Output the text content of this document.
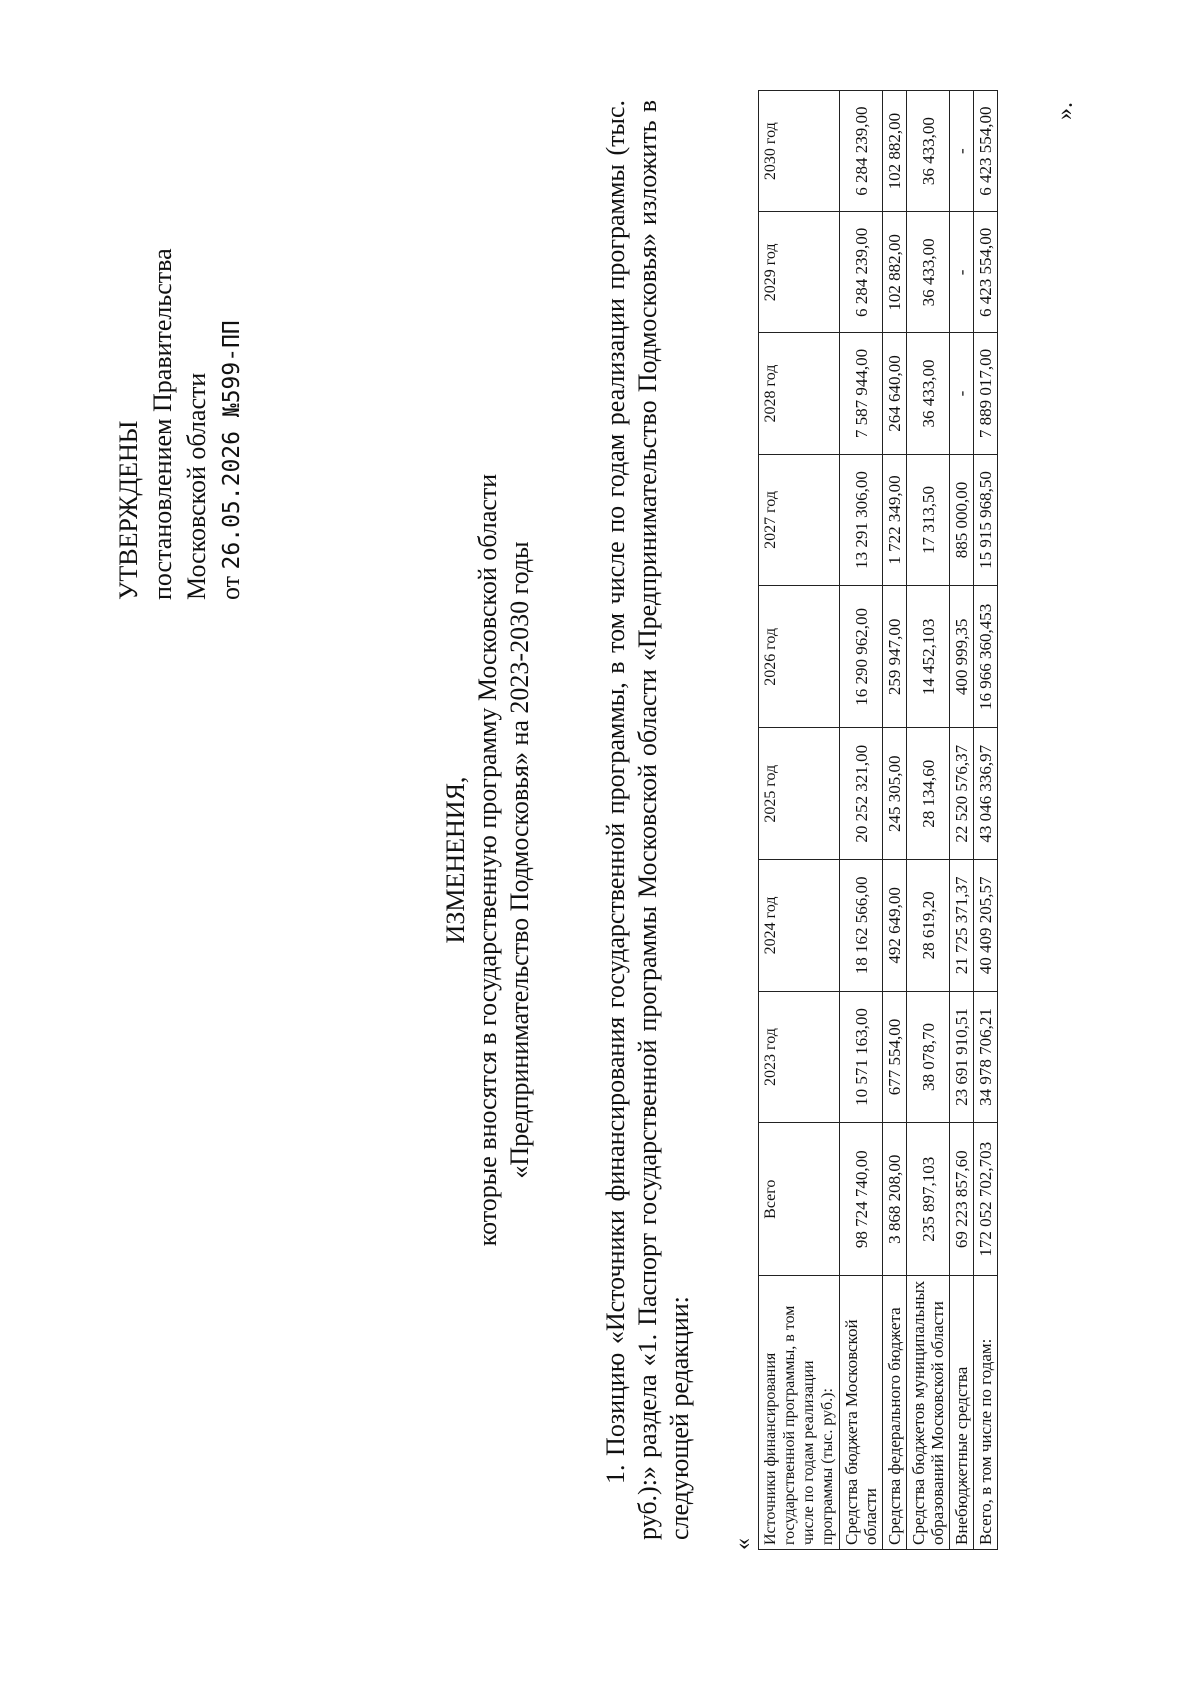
УТВЕРЖДЕНЫ постановлением Правительства Московской области от 26.05.2026 №599-ПП
ИЗМЕНЕНИЯ, которые вносятся в государственную программу Московской области «Предпринимательство Подмосковья» на 2023-2030 годы	1. Позицию «Источники финансирования государственной программы, в том числе по годам реализации программы (тыс. руб.):» раздела «1. Паспорт государственной программы Московской области «Предпринимательство Подмосковья» изложить в следующей редакции:
« Источники финансирования государственной программы, в том числе по годам реализации программы (тыс. руб.):	Всего	2023 год	2024 год	2025 год	2026 год	2027 год	2028 год	2029 год	2030 год
Средства бюджета Московской области	98 724 740,00	10 571 163,00	18 162 566,00	20 252 321,00	16 290 962,00	13 291 306,00	7 587 944,00	6 284 239,00	6 284 239,00
Средства федерального бюджета	3 868 208,00	677 554,00	492 649,00	245 305,00	259 947,00	1 722 349,00	264 640,00	102 882,00	102 882,00
Средства бюджетов муниципальных образований Московской области	235 897,103	38 078,70	28 619,20	28 134,60	14 452,103	17 313,50	36 433,00	36 433,00	36 433,00
Внебюджетные средства	69 223 857,60	23 691 910,51	21 725 371,37	22 520 576,37	400 999,35	885 000,00	-	-	-
Всего, в том числе по годам:	172 052 702,703	34 978 706,21	40 409 205,57	43 046 336,97	16 966 360,453	15 915 968,50	7 889 017,00	6 423 554,00	6 423 554,00 ».
